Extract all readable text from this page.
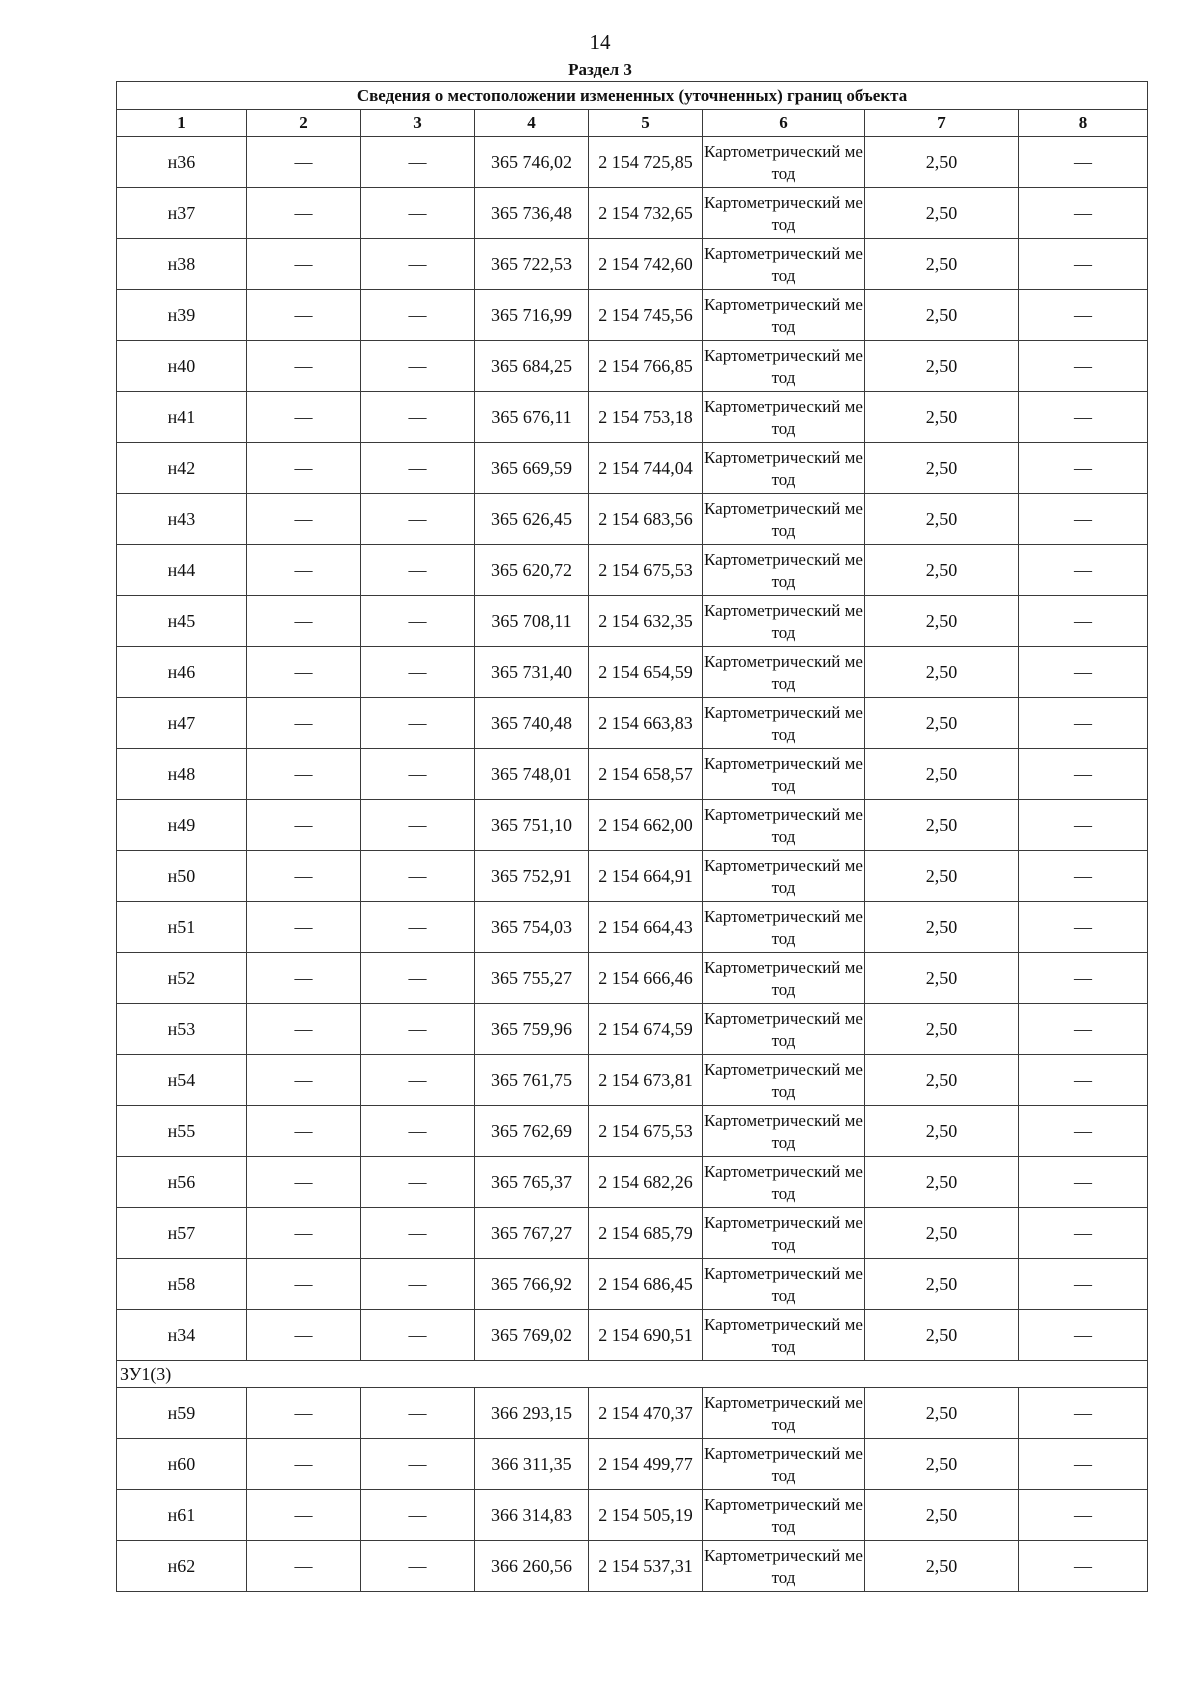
14
Раздел 3
Сведения о местоположении измененных (уточненных) границ объекта							
1	2	3	4	5	6	7	8
н36	—	—	365 746,02	2 154 725,85	Картометрический метод	2,50	—
н37	—	—	365 736,48	2 154 732,65	Картометрический метод	2,50	—
н38	—	—	365 722,53	2 154 742,60	Картометрический метод	2,50	—
н39	—	—	365 716,99	2 154 745,56	Картометрический метод	2,50	—
н40	—	—	365 684,25	2 154 766,85	Картометрический метод	2,50	—
н41	—	—	365 676,11	2 154 753,18	Картометрический метод	2,50	—
н42	—	—	365 669,59	2 154 744,04	Картометрический метод	2,50	—
н43	—	—	365 626,45	2 154 683,56	Картометрический метод	2,50	—
н44	—	—	365 620,72	2 154 675,53	Картометрический метод	2,50	—
н45	—	—	365 708,11	2 154 632,35	Картометрический метод	2,50	—
н46	—	—	365 731,40	2 154 654,59	Картометрический метод	2,50	—
н47	—	—	365 740,48	2 154 663,83	Картометрический метод	2,50	—
н48	—	—	365 748,01	2 154 658,57	Картометрический метод	2,50	—
н49	—	—	365 751,10	2 154 662,00	Картометрический метод	2,50	—
н50	—	—	365 752,91	2 154 664,91	Картометрический метод	2,50	—
н51	—	—	365 754,03	2 154 664,43	Картометрический метод	2,50	—
н52	—	—	365 755,27	2 154 666,46	Картометрический метод	2,50	—
н53	—	—	365 759,96	2 154 674,59	Картометрический метод	2,50	—
н54	—	—	365 761,75	2 154 673,81	Картометрический метод	2,50	—
н55	—	—	365 762,69	2 154 675,53	Картометрический метод	2,50	—
н56	—	—	365 765,37	2 154 682,26	Картометрический метод	2,50	—
н57	—	—	365 767,27	2 154 685,79	Картометрический метод	2,50	—
н58	—	—	365 766,92	2 154 686,45	Картометрический метод	2,50	—
н34	—	—	365 769,02	2 154 690,51	Картометрический метод	2,50	—
ЗУ1(3)							
н59	—	—	366 293,15	2 154 470,37	Картометрический метод	2,50	—
н60	—	—	366 311,35	2 154 499,77	Картометрический метод	2,50	—
н61	—	—	366 314,83	2 154 505,19	Картометрический метод	2,50	—
н62	—	—	366 260,56	2 154 537,31	Картометрический метод	2,50	—
